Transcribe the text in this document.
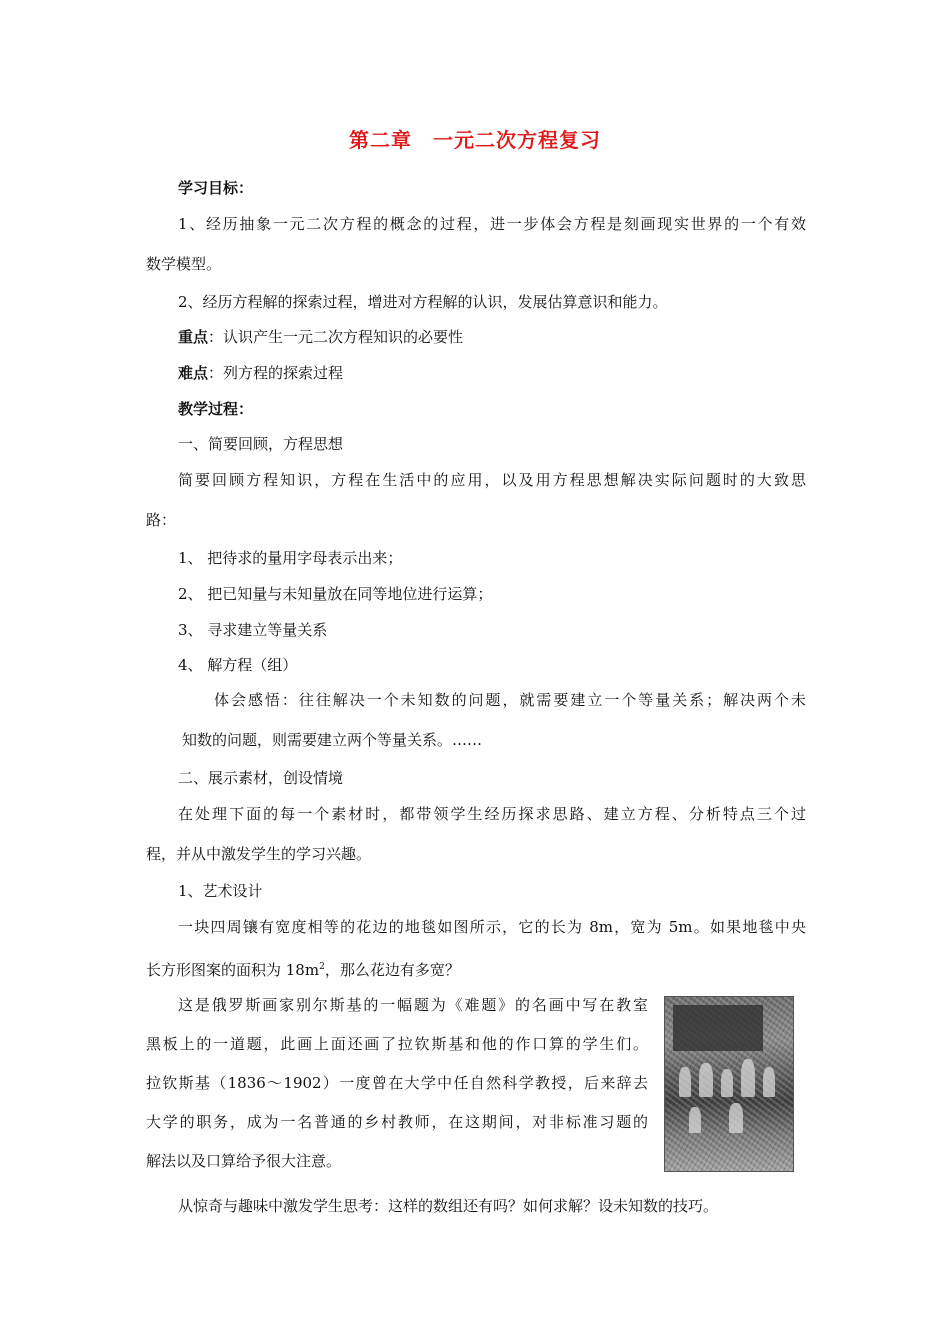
第二章　一元二次方程复习
学习目标：
1、经历抽象一元二次方程的概念的过程，进一步体会方程是刻画现实世界的一个有效
数学模型。
2、经历方程解的探索过程，增进对方程解的认识，发展估算意识和能力。
重点：认识产生一元二次方程知识的必要性
难点：列方程的探索过程
教学过程：
一、简要回顾，方程思想
简要回顾方程知识，方程在生活中的应用，以及用方程思想解决实际问题时的大致思
路：
1、 把待求的量用字母表示出来；
2、 把已知量与未知量放在同等地位进行运算；
3、 寻求建立等量关系
4、 解方程（组）
体会感悟：往往解决一个未知数的问题，就需要建立一个等量关系；解决两个未
知数的问题，则需要建立两个等量关系。……
二、展示素材，创设情境
在处理下面的每一个素材时，都带领学生经历探求思路、建立方程、分析特点三个过
程，并从中激发学生的学习兴趣。
1、艺术设计
一块四周镶有宽度相等的花边的地毯如图所示，它的长为 8m，宽为 5m。如果地毯中央
长方形图案的面积为 $18m^2$，那么花边有多宽？
这是俄罗斯画家别尔斯基的一幅题为《难题》的名画中写在教室
黑板上的一道题，此画上面还画了拉钦斯基和他的作口算的学生们。
拉钦斯基（1836～1902）一度曾在大学中任自然科学教授，后来辞去
大学的职务，成为一名普通的乡村教师，在这期间，对非标准习题的
解法以及口算给予很大注意。
从惊奇与趣味中激发学生思考：这样的数组还有吗？如何求解？设未知数的技巧。
